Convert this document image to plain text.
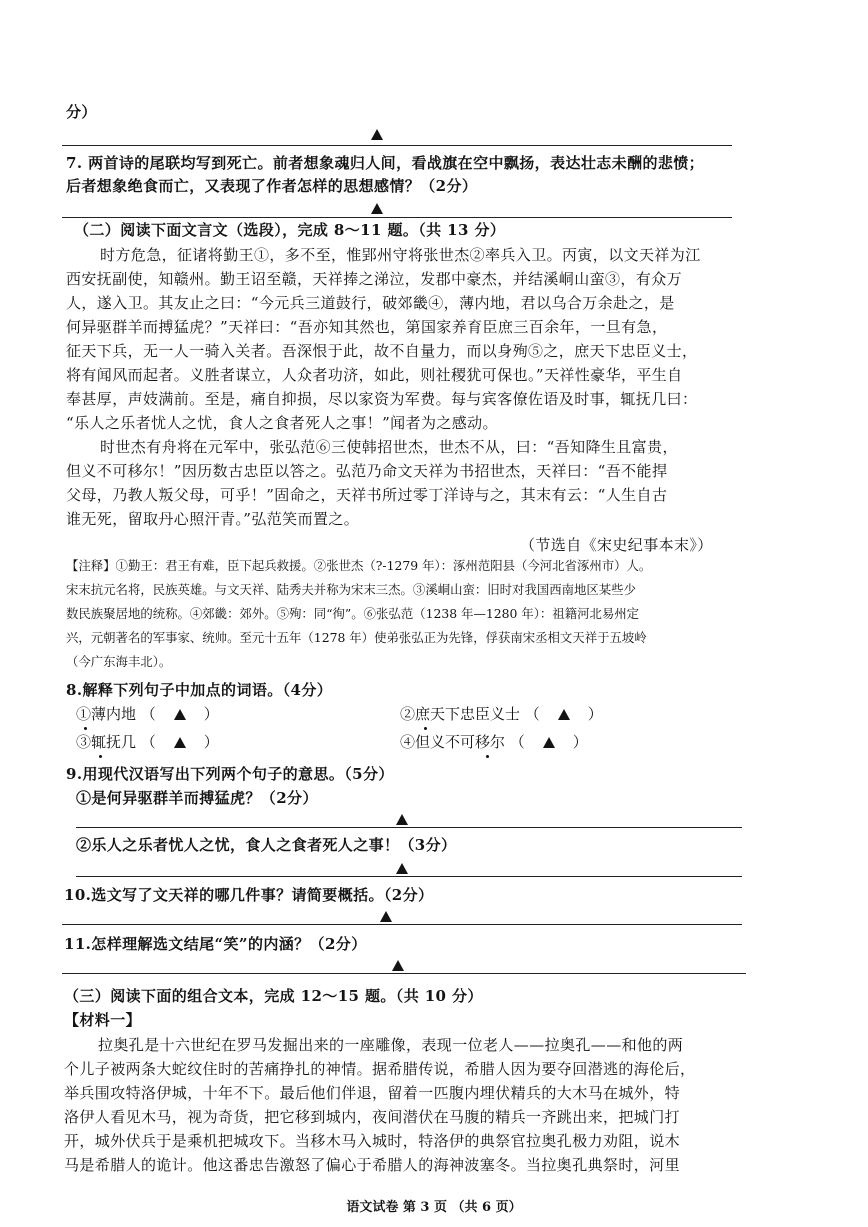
分）
7. 两首诗的尾联均写到死亡。前者想象魂归人间，看战旗在空中飘扬，表达壮志未酬的悲愤；
后者想象绝食而亡，又表现了作者怎样的思想感情？（2分）
（二）阅读下面文言文（选段），完成 8～11 题。（共 13 分）
时方危急，征诸将勤王①，多不至，惟郢州守将张世杰②率兵入卫。丙寅，以文天祥为江
西安抚副使，知赣州。勤王诏至赣，天祥捧之涕泣，发郡中豪杰，并结溪峒山蛮③，有众万
人，遂入卫。其友止之曰：“今元兵三道鼓行，破郊畿④，薄内地，君以乌合万余赴之，是
何异驱群羊而搏猛虎？”天祥曰：“吾亦知其然也，第国家养育臣庶三百余年，一旦有急，
征天下兵，无一人一骑入关者。吾深恨于此，故不自量力，而以身殉⑤之，庶天下忠臣义士，
将有闻风而起者。义胜者谋立，人众者功济，如此，则社稷犹可保也。”天祥性豪华，平生自
奉甚厚，声妓满前。至是，痛自抑损，尽以家资为军费。每与宾客僚佐语及时事，辄抚几曰：
“乐人之乐者忧人之忧，食人之食者死人之事！”闻者为之感动。
时世杰有舟将在元军中，张弘范⑥三使韩招世杰，世杰不从，曰：“吾知降生且富贵，
但义不可移尔！”因历数古忠臣以答之。弘范乃命文天祥为书招世杰，天祥曰：“吾不能捍
父母，乃教人叛父母，可乎！”固命之，天祥书所过零丁洋诗与之，其末有云：“人生自古
谁无死，留取丹心照汗青。”弘范笑而置之。
（节选自《宋史纪事本末》）
【注释】①勤王：君王有难，臣下起兵救援。②张世杰（?-1279 年）：涿州范阳县（今河北省涿州市）人。
宋末抗元名将，民族英雄。与文天祥、陆秀夫并称为宋末三杰。③溪峒山蛮：旧时对我国西南地区某些少
数民族聚居地的统称。④郊畿：郊外。⑤殉：同“徇”。⑥张弘范（1238 年—1280 年）：祖籍河北易州定
兴，元朝著名的军事家、统帅。至元十五年（1278 年）使弟张弘正为先锋，俘获南宋丞相文天祥于五坡岭
（今广东海丰北）。
8.解释下列句子中加点的词语。（4分）
①薄内地 （	）	②庶天下忠臣义士 （	）
③辄抚几 （	）	④但义不可移尔 （	）
9.用现代汉语写出下列两个句子的意思。（5分）
①是何异驱群羊而搏猛虎？（2分）
②乐人之乐者忧人之忧，食人之食者死人之事！（3分）
10.选文写了文天祥的哪几件事？请简要概括。（2分）
11.怎样理解选文结尾“笑”的内涵？（2分）
（三）阅读下面的组合文本，完成 12～15 题。（共 10 分）
【材料一】
拉奥孔是十六世纪在罗马发掘出来的一座雕像，表现一位老人——拉奥孔——和他的两
个儿子被两条大蛇纹住时的苦痛挣扎的神情。据希腊传说，希腊人因为要夺回潜逃的海伦后，
举兵围攻特洛伊城，十年不下。最后他们伴退，留着一匹腹内埋伏精兵的大木马在城外，特
洛伊人看见木马，视为奇货，把它移到城内，夜间潜伏在马腹的精兵一齐跳出来，把城门打
开，城外伏兵于是乘机把城攻下。当移木马入城时，特洛伊的典祭官拉奥孔极力劝阻，说木
马是希腊人的诡计。他这番忠告激怒了偏心于希腊人的海神波塞冬。当拉奥孔典祭时，河里
语文试卷 第 3 页 （共 6 页）
